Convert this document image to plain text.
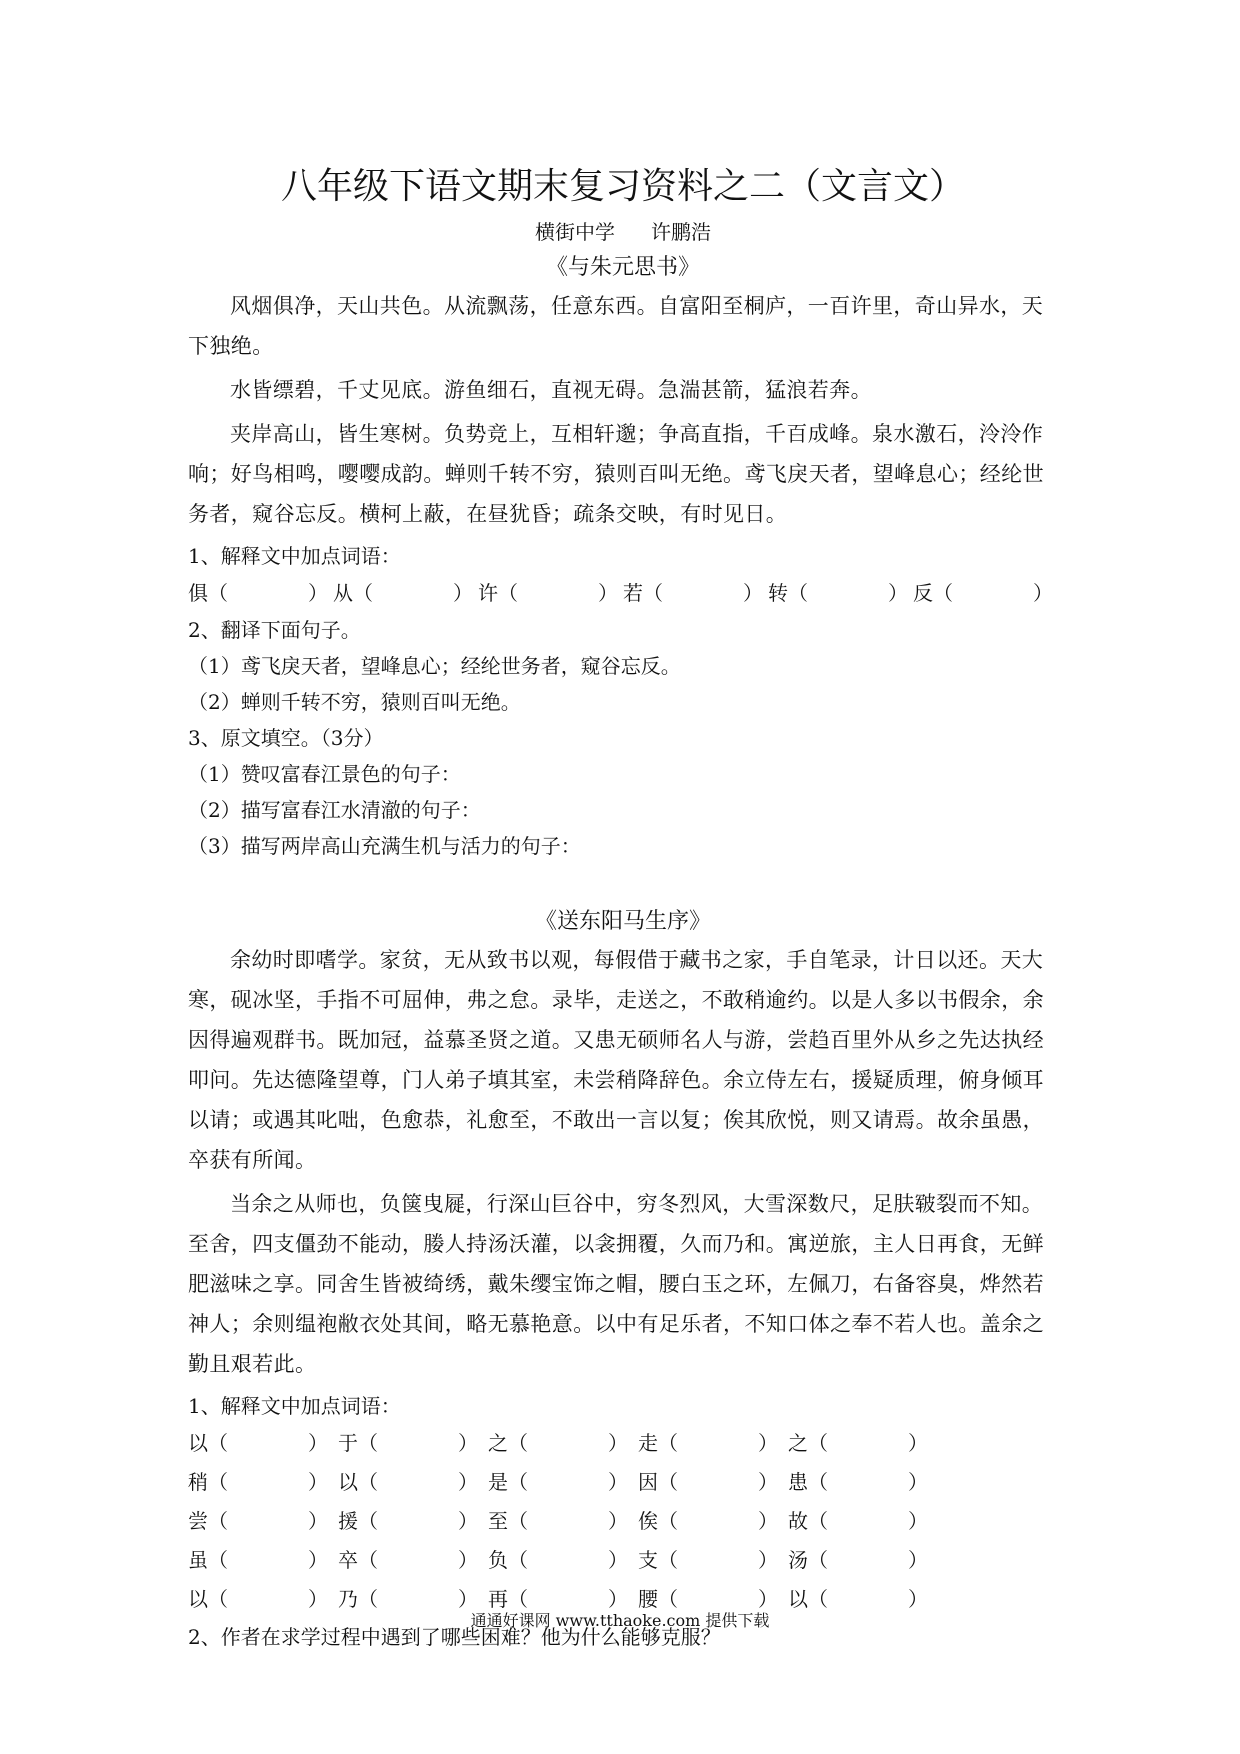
八年级下语文期末复习资料之二（文言文）
横街中学 许鹏浩
《与朱元思书》

风烟俱净，天山共色。从流飘荡，任意东西。自富阳至桐庐，一百许里，奇山异水，天下独绝。

水皆缥碧，千丈见底。游鱼细石，直视无碍。急湍甚箭，猛浪若奔。

夹岸高山，皆生寒树。负势竞上，互相轩邈；争高直指，千百成峰。泉水激石，泠泠作响；好鸟相鸣，嘤嘤成韵。蝉则千转不穷，猿则百叫无绝。鸢飞戾天者，望峰息心；经纶世务者，窥谷忘反。横柯上蔽，在昼犹昏；疏条交映，有时见日。

1、解释文中加点词语：

俱（　　　　） 从（　　　　） 许（　　　　） 若（　　　　） 转（　　　　） 反（　　　　）

2、翻译下面句子。

（1）鸢飞戾天者，望峰息心；经纶世务者，窥谷忘反。

（2）蝉则千转不穷，猿则百叫无绝。

3、原文填空。（3分）

（1）赞叹富春江景色的句子：

（2）描写富春江水清澈的句子：

（3）描写两岸高山充满生机与活力的句子：

《送东阳马生序》

余幼时即嗜学。家贫，无从致书以观，每假借于藏书之家，手自笔录，计日以还。天大寒，砚冰坚，手指不可屈伸，弗之怠。录毕，走送之，不敢稍逾约。以是人多以书假余，余因得遍观群书。既加冠，益慕圣贤之道。又患无硕师名人与游，尝趋百里外从乡之先达执经叩问。先达德隆望尊，门人弟子填其室，未尝稍降辞色。余立侍左右，援疑质理，俯身倾耳以请；或遇其叱咄，色愈恭，礼愈至，不敢出一言以复；俟其欣悦，则又请焉。故余虽愚，卒获有所闻。

当余之从师也，负箧曳屣，行深山巨谷中，穷冬烈风，大雪深数尺，足肤皲裂而不知。至舍，四支僵劲不能动，媵人持汤沃灌，以衾拥覆，久而乃和。寓逆旅，主人日再食，无鲜肥滋味之享。同舍生皆被绮绣，戴朱缨宝饰之帽，腰白玉之环，左佩刀，右备容臭，烨然若神人；余则缊袍敝衣处其间，略无慕艳意。以中有足乐者，不知口体之奉不若人也。盖余之勤且艰若此。

1、解释文中加点词语：

以（　　　　） 于（　　　　） 之（　　　　） 走（　　　　） 之（　　　　）
稍（　　　　） 以（　　　　） 是（　　　　） 因（　　　　） 患（　　　　）
尝（　　　　） 援（　　　　） 至（　　　　） 俟（　　　　） 故（　　　　）
虽（　　　　） 卒（　　　　） 负（　　　　） 支（　　　　） 汤（　　　　）
以（　　　　） 乃（　　　　） 再（　　　　） 腰（　　　　） 以（　　　　）

2、作者在求学过程中遇到了哪些困难？他为什么能够克服？

通通好课网 www.tthaoke.com 提供下载
